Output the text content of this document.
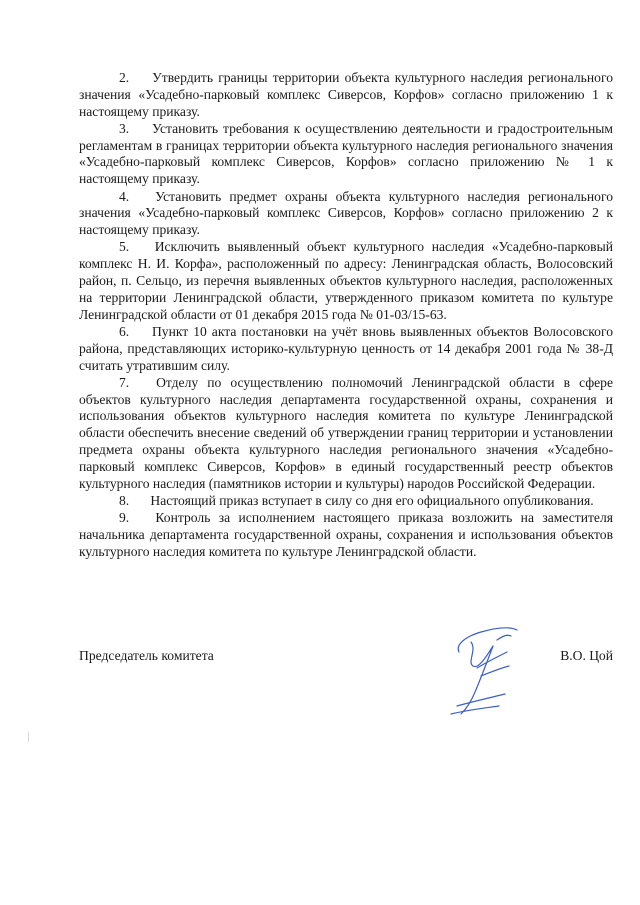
2. Утвердить границы территории объекта культурного наследия регионального значения «Усадебно-парковый комплекс Сиверсов, Корфов» согласно приложению 1 к настоящему приказу.

3. Установить требования к осуществлению деятельности и градостроительным регламентам в границах территории объекта культурного наследия регионального значения «Усадебно-парковый комплекс Сиверсов, Корфов» согласно приложению № 1 к настоящему приказу.

4. Установить предмет охраны объекта культурного наследия регионального значения «Усадебно-парковый комплекс Сиверсов, Корфов» согласно приложению 2 к настоящему приказу.

5. Исключить выявленный объект культурного наследия «Усадебно-парковый комплекс Н. И. Корфа», расположенный по адресу: Ленинградская область, Волосовский район, п. Сельцо, из перечня выявленных объектов культурного наследия, расположенных на территории Ленинградской области, утвержденного приказом комитета по культуре Ленинградской области от 01 декабря 2015 года № 01-03/15-63.

6. Пункт 10 акта постановки на учёт вновь выявленных объектов Волосовского района, представляющих историко-культурную ценность от 14 декабря 2001 года № 38-Д считать утратившим силу.

7. Отделу по осуществлению полномочий Ленинградской области в сфере объектов культурного наследия департамента государственной охраны, сохранения и использования объектов культурного наследия комитета по культуре Ленинградской области обеспечить внесение сведений об утверждении границ территории и установлении предмета охраны объекта культурного наследия регионального значения «Усадебно-парковый комплекс Сиверсов, Корфов» в единый государственный реестр объектов культурного наследия (памятников истории и культуры) народов Российской Федерации.

8. Настоящий приказ вступает в силу со дня его официального опубликования.

9. Контроль за исполнением настоящего приказа возложить на заместителя начальника департамента государственной охраны, сохранения и использования объектов культурного наследия комитета по культуре Ленинградской области.

Председатель комитета	В.О. Цой
